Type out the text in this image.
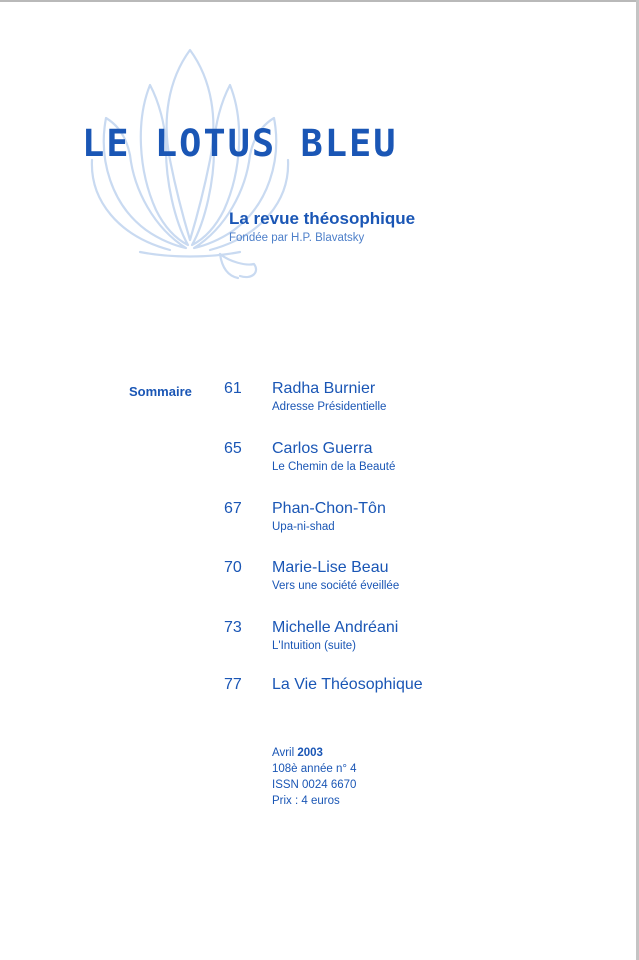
LE LOTUS BLEU
La revue théosophique
Fondée par H.P. Blavatsky
Sommaire 61 Radha Burnier
Adresse Présidentielle
65 Carlos Guerra
Le Chemin de la Beauté
67 Phan-Chon-Tôn
Upa-ni-shad
70 Marie-Lise Beau
Vers une société éveillée
73 Michelle Andréani
L'Intuition (suite)
77 La Vie Théosophique
Avril 2003
108è année n° 4
ISSN 0024 6670
Prix : 4 euros
